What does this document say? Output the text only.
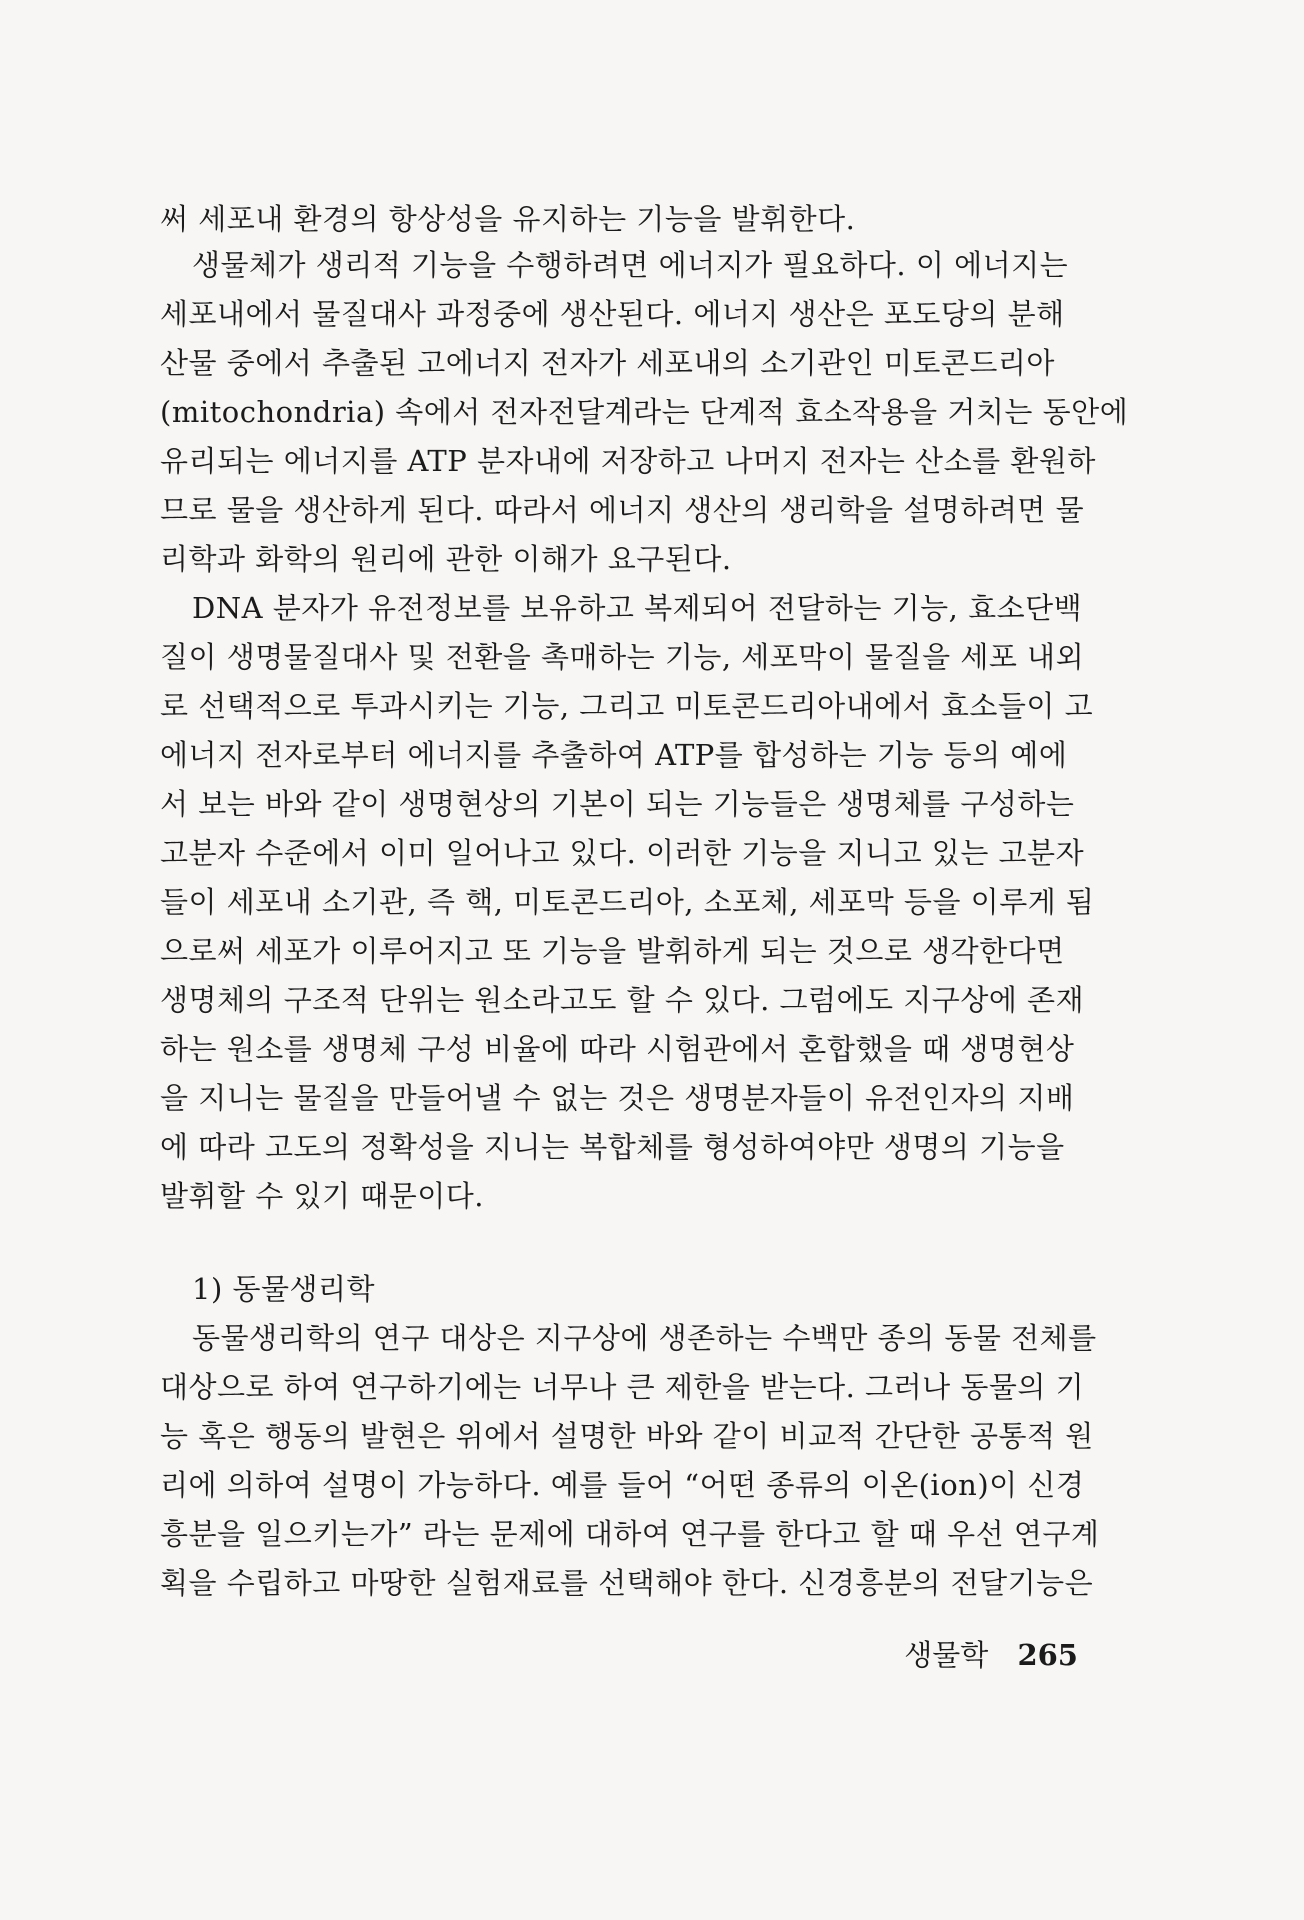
써 세포내 환경의 항상성을 유지하는 기능을 발휘한다.
생물체가 생리적 기능을 수행하려면 에너지가 필요하다. 이 에너지는
세포내에서 물질대사 과정중에 생산된다. 에너지 생산은 포도당의 분해
산물 중에서 추출된 고에너지 전자가 세포내의 소기관인 미토콘드리아
(mitochondria) 속에서 전자전달계라는 단계적 효소작용을 거치는 동안에
유리되는 에너지를 ATP 분자내에 저장하고 나머지 전자는 산소를 환원하
므로 물을 생산하게 된다. 따라서 에너지 생산의 생리학을 설명하려면 물
리학과 화학의 원리에 관한 이해가 요구된다.
DNA 분자가 유전정보를 보유하고 복제되어 전달하는 기능, 효소단백
질이 생명물질대사 및 전환을 촉매하는 기능, 세포막이 물질을 세포 내외
로 선택적으로 투과시키는 기능, 그리고 미토콘드리아내에서 효소들이 고
에너지 전자로부터 에너지를 추출하여 ATP를 합성하는 기능 등의 예에
서 보는 바와 같이 생명현상의 기본이 되는 기능들은 생명체를 구성하는
고분자 수준에서 이미 일어나고 있다. 이러한 기능을 지니고 있는 고분자
들이 세포내 소기관, 즉 핵, 미토콘드리아, 소포체, 세포막 등을 이루게 됨
으로써 세포가 이루어지고 또 기능을 발휘하게 되는 것으로 생각한다면
생명체의 구조적 단위는 원소라고도 할 수 있다. 그럼에도 지구상에 존재
하는 원소를 생명체 구성 비율에 따라 시험관에서 혼합했을 때 생명현상
을 지니는 물질을 만들어낼 수 없는 것은 생명분자들이 유전인자의 지배
에 따라 고도의 정확성을 지니는 복합체를 형성하여야만 생명의 기능을
발휘할 수 있기 때문이다.
1) 동물생리학
동물생리학의 연구 대상은 지구상에 생존하는 수백만 종의 동물 전체를
대상으로 하여 연구하기에는 너무나 큰 제한을 받는다. 그러나 동물의 기
능 혹은 행동의 발현은 위에서 설명한 바와 같이 비교적 간단한 공통적 원
리에 의하여 설명이 가능하다. 예를 들어 “어떤 종류의 이온(ion)이 신경
흥분을 일으키는가” 라는 문제에 대하여 연구를 한다고 할 때 우선 연구계
획을 수립하고 마땅한 실험재료를 선택해야 한다. 신경흥분의 전달기능은
생물학 265
